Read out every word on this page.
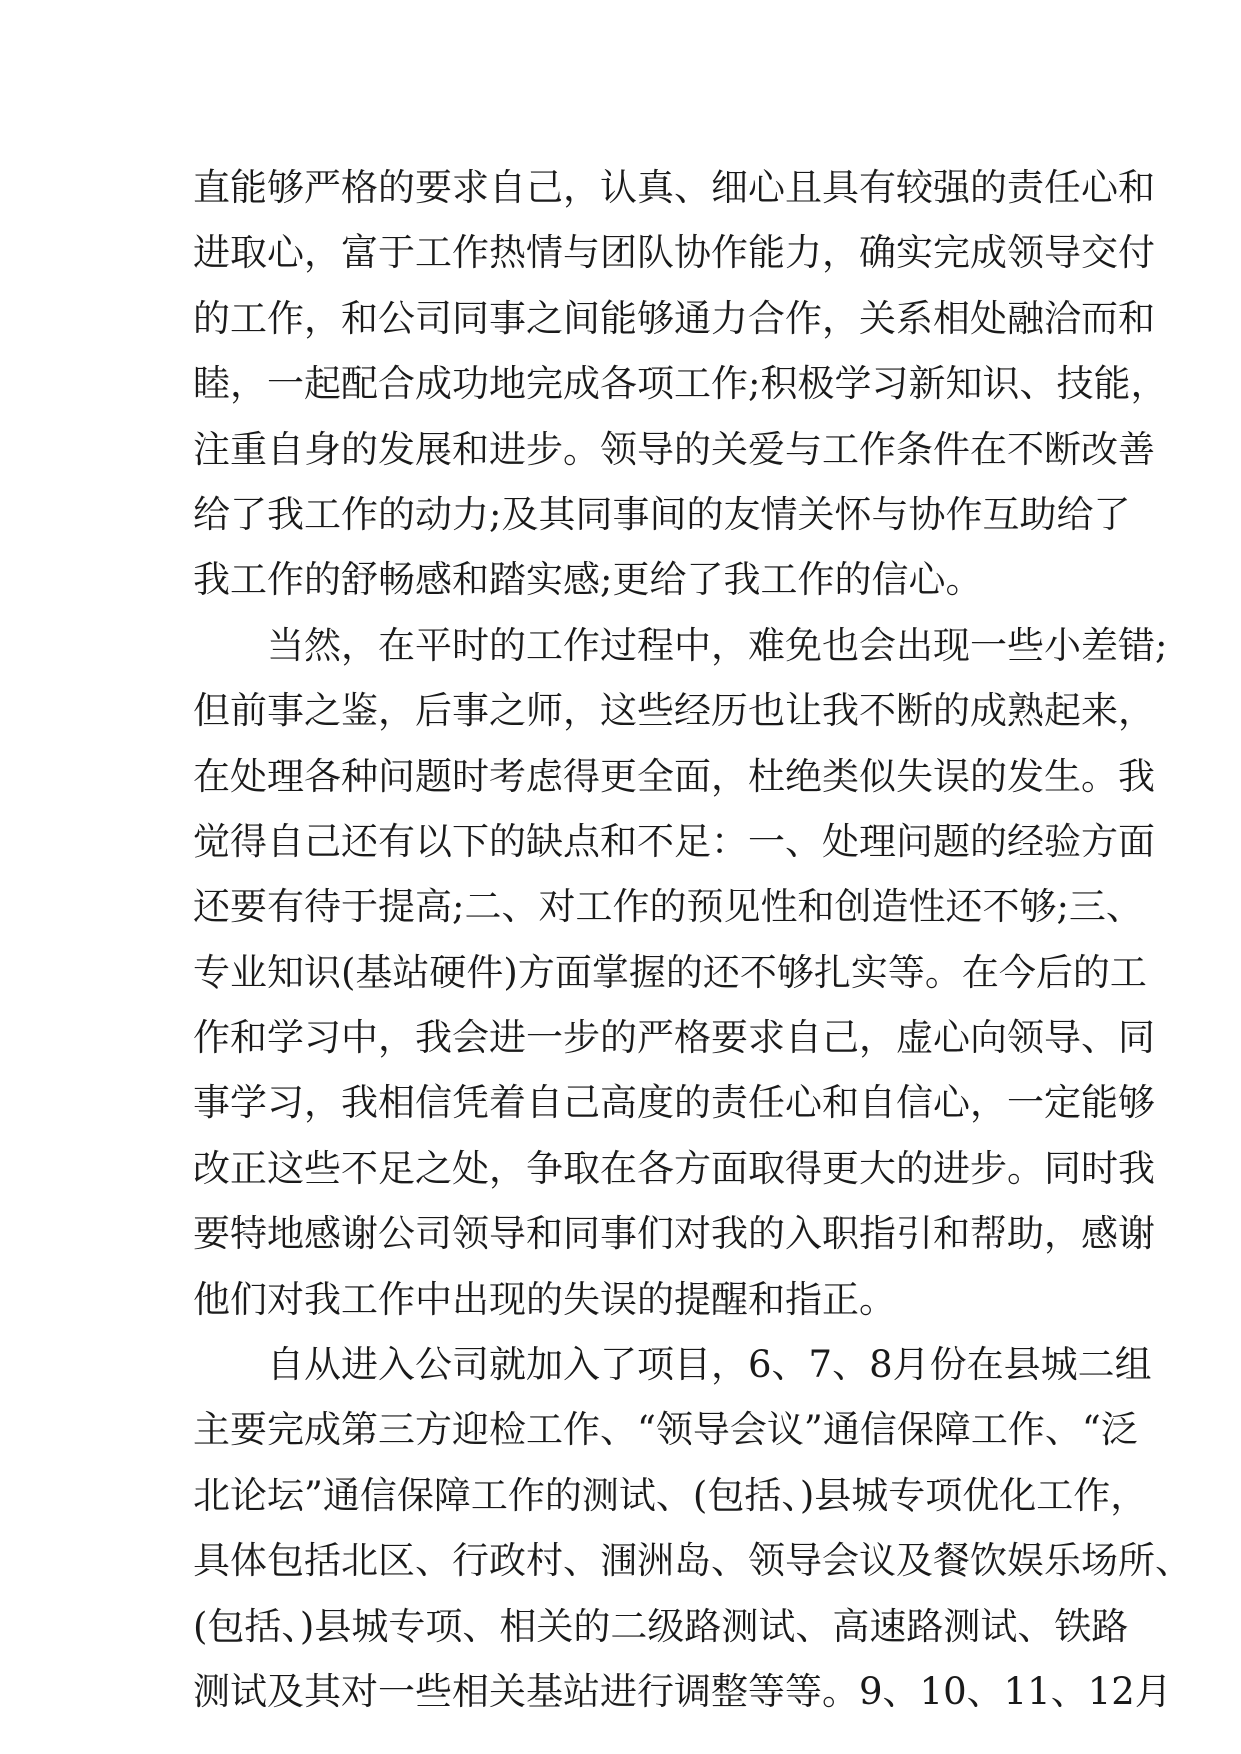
直能够严格的要求自己，认真、细心且具有较强的责任心和
进取心，富于工作热情与团队协作能力，确实完成领导交付
的工作，和公司同事之间能够通力合作，关系相处融洽而和
睦，一起配合成功地完成各项工作;积极学习新知识、技能，
注重自身的发展和进步。领导的关爱与工作条件在不断改善
给了我工作的动力;及其同事间的友情关怀与协作互助给了
我工作的舒畅感和踏实感;更给了我工作的信心。
当然，在平时的工作过程中，难免也会出现一些小差错;
但前事之鉴，后事之师，这些经历也让我不断的成熟起来，
在处理各种问题时考虑得更全面，杜绝类似失误的发生。我
觉得自己还有以下的缺点和不足：一、处理问题的经验方面
还要有待于提高;二、对工作的预见性和创造性还不够;三、
专业知识(基站硬件)方面掌握的还不够扎实等。在今后的工
作和学习中，我会进一步的严格要求自己，虚心向领导、同
事学习，我相信凭着自己高度的责任心和自信心，一定能够
改正这些不足之处，争取在各方面取得更大的进步。同时我
要特地感谢公司领导和同事们对我的入职指引和帮助，感谢
他们对我工作中出现的失误的提醒和指正。
自从进入公司就加入了项目，6、7、8月份在县城二组
主要完成第三方迎检工作、“领导会议”通信保障工作、“泛
北论坛”通信保障工作的测试、(包括、)县城专项优化工作，
具体包括北区、行政村、涠洲岛、领导会议及餐饮娱乐场所、
(包括、)县城专项、相关的二级路测试、高速路测试、铁路
测试及其对一些相关基站进行调整等等。9、10、11、12月
